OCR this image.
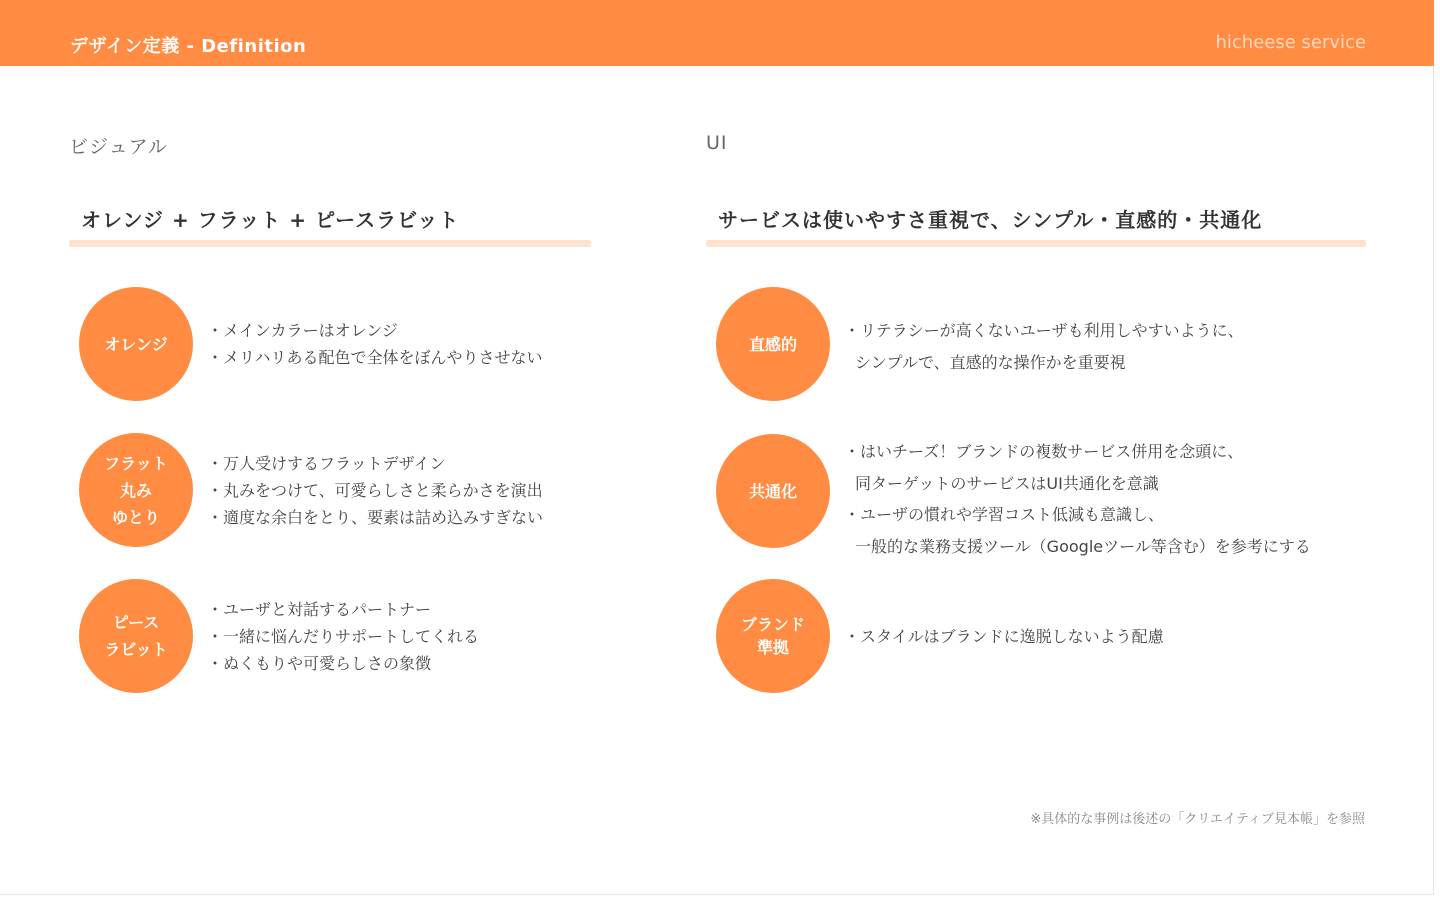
デザイン定義 - Definition	hicheese service
ビジュアル
オレンジ + フラット + ピースラビット
オレンジ
・メインカラーはオレンジ
・メリハリある配色で全体をぼんやりさせない
フラット
丸み
ゆとり
・万人受けするフラットデザイン
・丸みをつけて、可愛らしさと柔らかさを演出
・適度な余白をとり、要素は詰め込みすぎない
ピース
ラビット
・ユーザと対話するパートナー
・一緒に悩んだりサポートしてくれる
・ぬくもりや可愛らしさの象徴
UI
サービスは使いやすさ重視で、シンプル・直感的・共通化
直感的
・リテラシーが高くないユーザも利用しやすいように、
シンプルで、直感的な操作かを重要視
共通化
・はいチーズ！ブランドの複数サービス併用を念頭に、
同ターゲットのサービスはUI共通化を意識
・ユーザの慣れや学習コスト低減も意識し、
一般的な業務支援ツール（Googleツール等含む）を参考にする
ブランド
準拠
・スタイルはブランドに逸脱しないよう配慮
※具体的な事例は後述の「クリエイティブ見本帳」を参照
